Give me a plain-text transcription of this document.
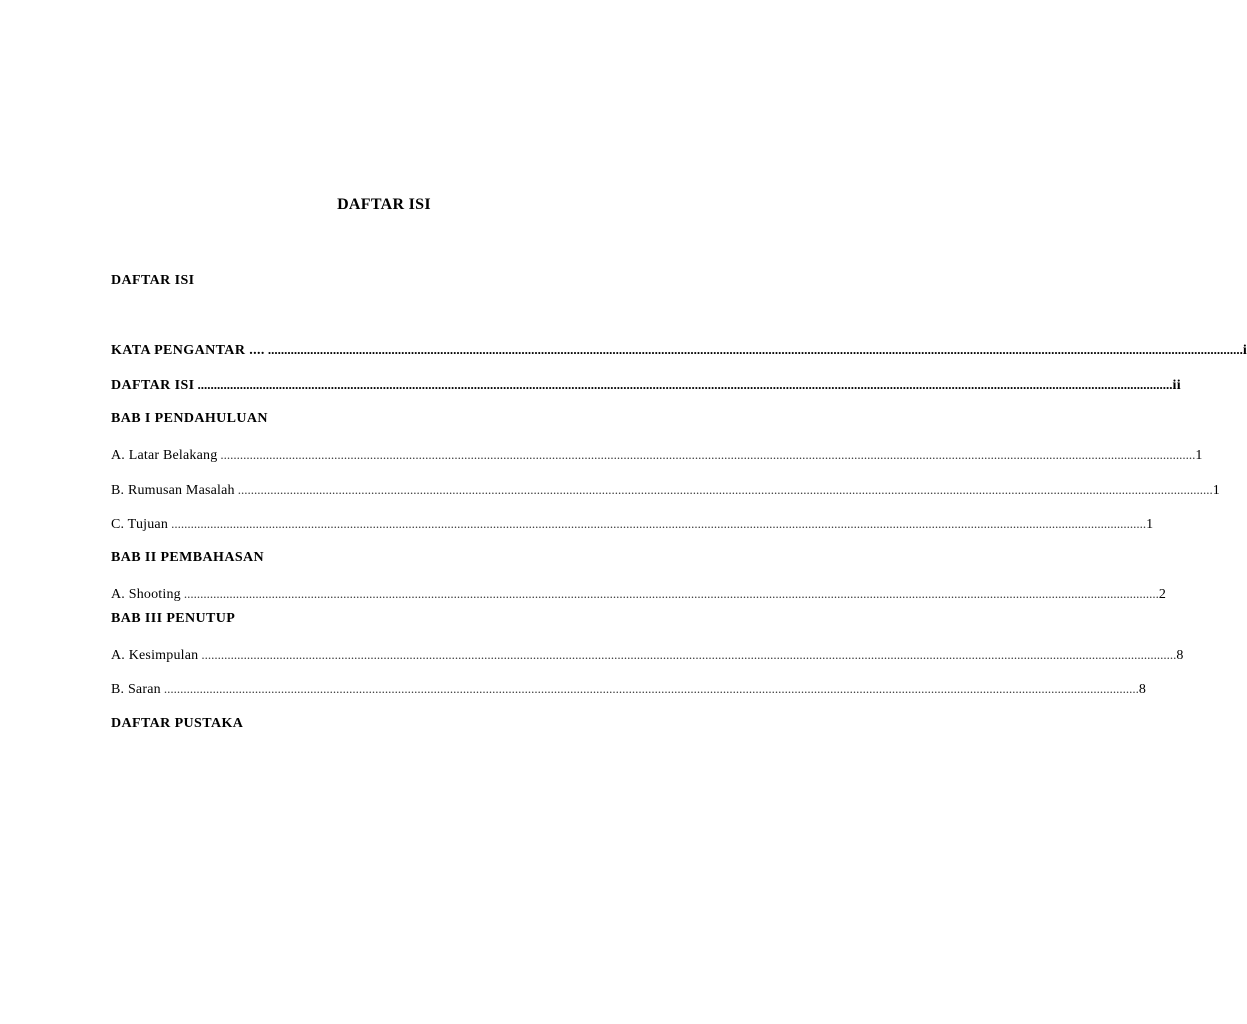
DAFTAR ISI
DAFTAR ISI
KATA PENGANTAR .... ............................................................................................................................................................................................................................................................................................................ i
DAFTAR ISI ............................................................................................................................................................................................................................................................................................................ ii
BAB I PENDAHULUAN
A. Latar Belakang ............................................................................................................................................................................................................................................................................................................ 1
B. Rumusan Masalah ............................................................................................................................................................................................................................................................................................................ 1
C. Tujuan ............................................................................................................................................................................................................................................................................................................ 1
BAB II PEMBAHASAN
A. Shooting ............................................................................................................................................................................................................................................................................................................ 2
BAB III PENUTUP
A. Kesimpulan ............................................................................................................................................................................................................................................................................................................ 8
B. Saran ............................................................................................................................................................................................................................................................................................................ 8
DAFTAR PUSTAKA
